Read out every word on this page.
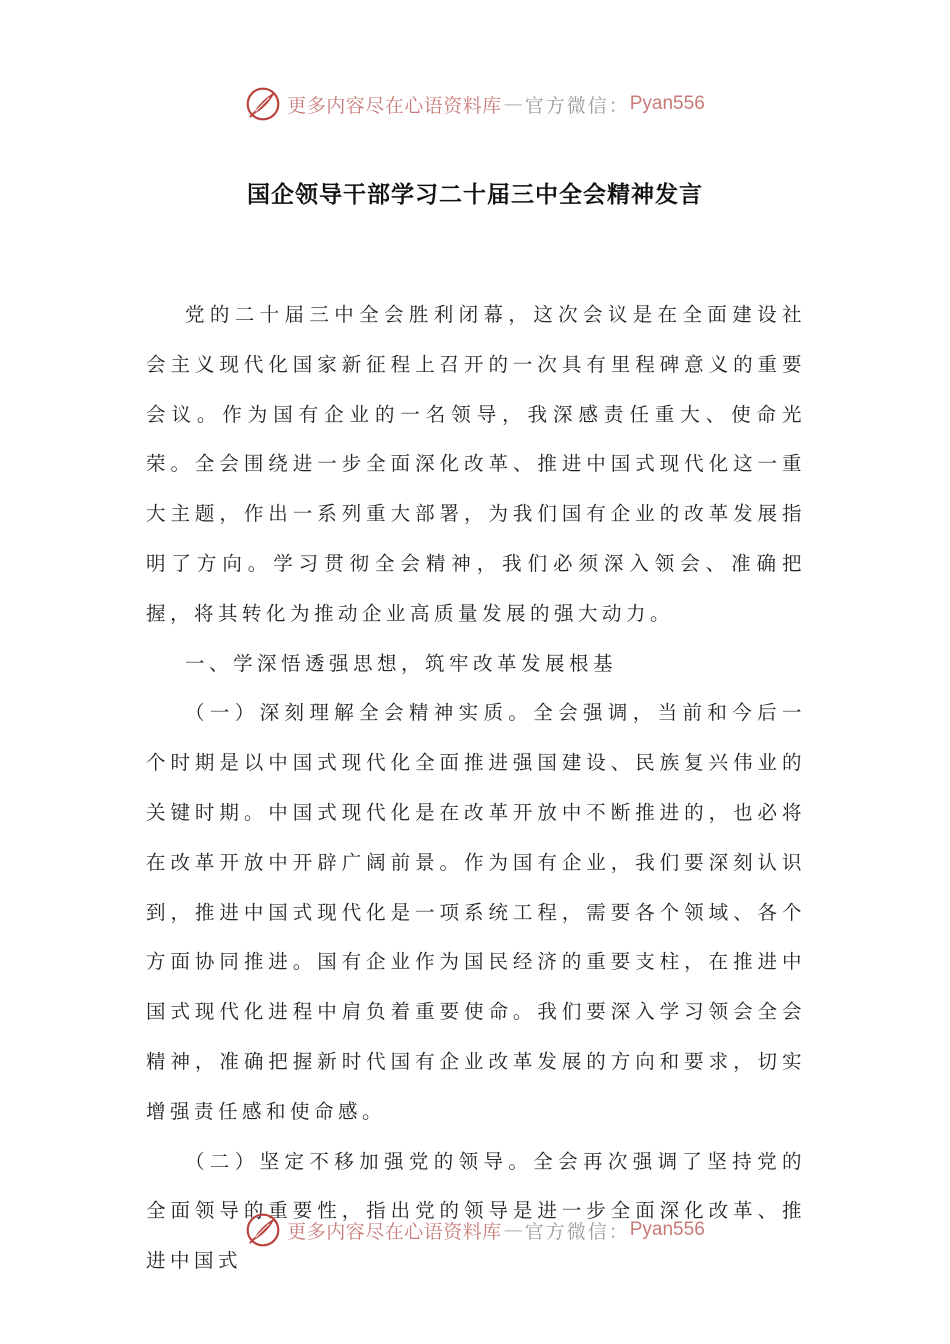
更多内容尽在心语资料库 — 官方微信： Pyan556
国企领导干部学习二十届三中全会精神发言

党的二十届三中全会胜利闭幕，这次会议是在全面建设社会主义现代化国家新征程上召开的一次具有里程碑意义的重要会议。作为国有企业的一名领导，我深感责任重大、使命光荣。全会围绕进一步全面深化改革、推进中国式现代化这一重大主题，作出一系列重大部署，为我们国有企业的改革发展指明了方向。学习贯彻全会精神，我们必须深入领会、准确把握，将其转化为推动企业高质量发展的强大动力。

一、学深悟透强思想，筑牢改革发展根基

（一）深刻理解全会精神实质。全会强调，当前和今后一个时期是以中国式现代化全面推进强国建设、民族复兴伟业的关键时期。中国式现代化是在改革开放中不断推进的，也必将在改革开放中开辟广阔前景。作为国有企业，我们要深刻认识到，推进中国式现代化是一项系统工程，需要各个领域、各个方面协同推进。国有企业作为国民经济的重要支柱，在推进中国式现代化进程中肩负着重要使命。我们要深入学习领会全会精神，准确把握新时代国有企业改革发展的方向和要求，切实增强责任感和使命感。

（二）坚定不移加强党的领导。全会再次强调了坚持党的全面领导的重要性，指出党的领导是进一步全面深化改革、推进中国式

更多内容尽在心语资料库 — 官方微信： Pyan556
